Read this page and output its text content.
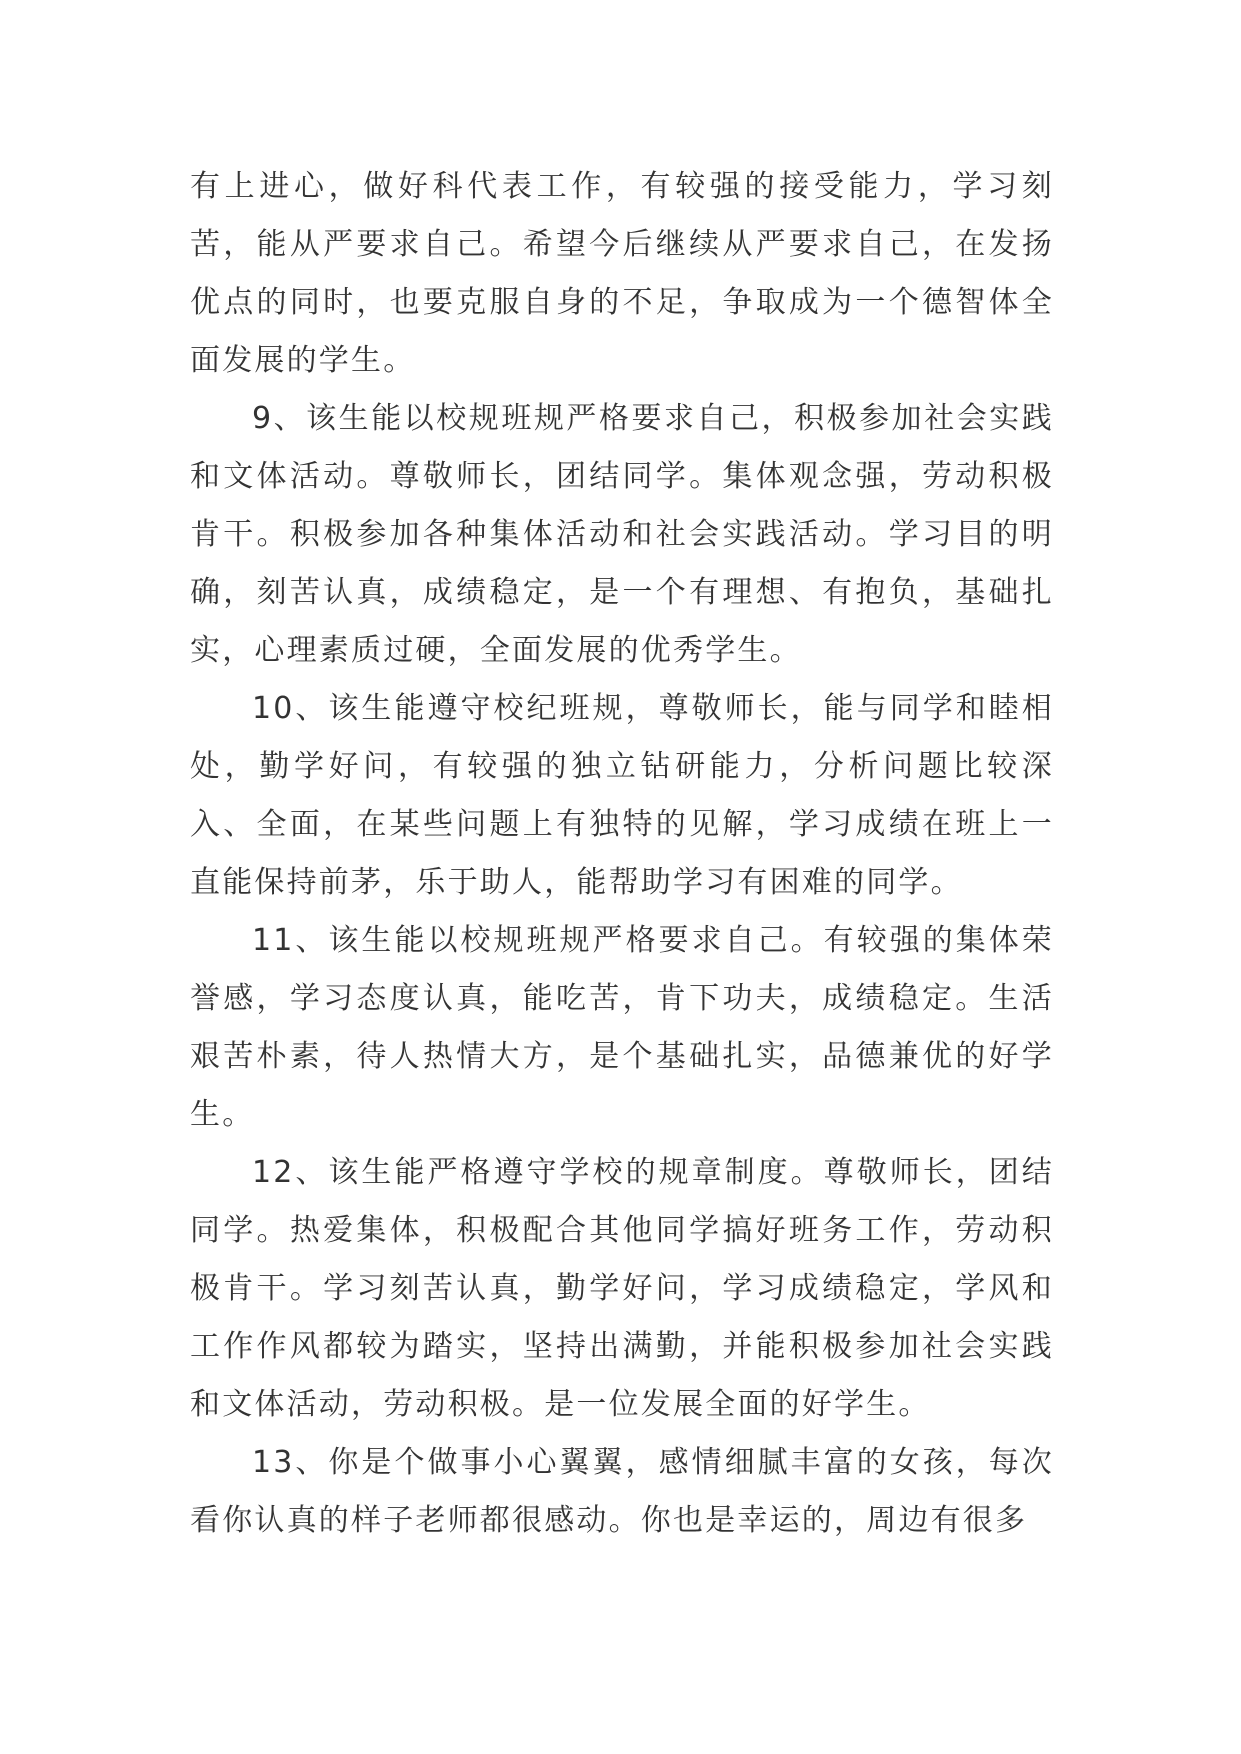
有上进心，做好科代表工作，有较强的接受能力，学习刻苦，能从严要求自己。希望今后继续从严要求自己，在发扬优点的同时，也要克服自身的不足，争取成为一个德智体全面发展的学生。

9、该生能以校规班规严格要求自己，积极参加社会实践和文体活动。尊敬师长，团结同学。集体观念强，劳动积极肯干。积极参加各种集体活动和社会实践活动。学习目的明确，刻苦认真，成绩稳定，是一个有理想、有抱负，基础扎实，心理素质过硬，全面发展的优秀学生。

10、该生能遵守校纪班规，尊敬师长，能与同学和睦相处，勤学好问，有较强的独立钻研能力，分析问题比较深入、全面，在某些问题上有独特的见解，学习成绩在班上一直能保持前茅，乐于助人，能帮助学习有困难的同学。

11、该生能以校规班规严格要求自己。有较强的集体荣誉感，学习态度认真，能吃苦，肯下功夫，成绩稳定。生活艰苦朴素，待人热情大方，是个基础扎实，品德兼优的好学生。

12、该生能严格遵守学校的规章制度。尊敬师长，团结同学。热爱集体，积极配合其他同学搞好班务工作，劳动积极肯干。学习刻苦认真，勤学好问，学习成绩稳定，学风和工作作风都较为踏实，坚持出满勤，并能积极参加社会实践和文体活动，劳动积极。是一位发展全面的好学生。

13、你是个做事小心翼翼，感情细腻丰富的女孩，每次看你认真的样子老师都很感动。你也是幸运的，周边有很多
